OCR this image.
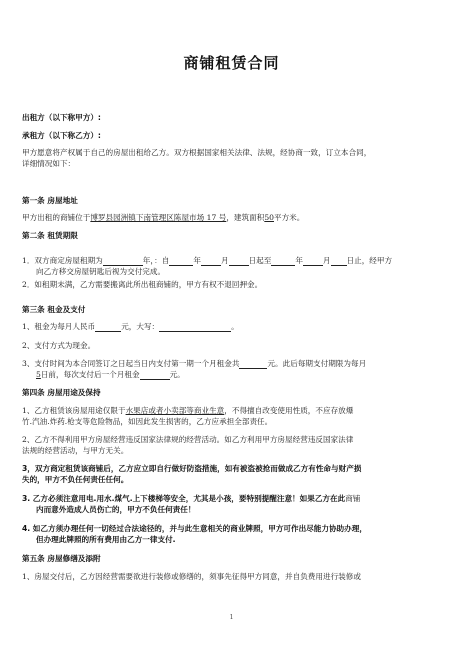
商铺租赁合同
出租方（以下称甲方）:
承租方（以下称乙方）:
甲方愿意将产权属于自己的房屋出租给乙方。双方根据国家相关法律、法规，经协商一致，订立本合同，
详细情况如下：
第一条 房屋地址
甲方出租的商铺位于博罗县园洲镇下南管理区陈屋市场 17 号，建筑面积50平方米。
第二条 租赁期限
1．双方商定房屋租期为	年，：自	年	月	日起至	年	月 日止，经甲方
向乙方移交房屋钥匙后视为交付完成。
2．如租期未满，乙方需要搬离此所出租商铺的，甲方有权不退回押金。
第三条 租金及支付
1、租金为每月人民币	元，大写：	。
2、支付方式为现金。
3、支付时间为本合同签订之日起当日内支付第一期一个月租金共	元。此后每期支付期限为每月
5日前，每次支付后一个月租金	元。
第四条 房屋用途及保持
1、乙方租赁该房屋用途仅限于水果店或者小卖部等商业生意，不得擅自改变使用性质，不应存放爆
竹.汽油.炸药.枪支等危险物品，如因此发生损害的，乙方应承担全部责任。
2、乙方不得利用甲方房屋经营违反国家法律规的经营活动。如乙方利用甲方房屋经营违反国家法律
法规的经营活动，与甲方无关。
3，双方商定租赁该商铺后，乙方应立即自行做好防盗措施，如有被盗被抢而做成乙方有性命与财产损
失的，甲方不负任何责任任何。
3. 乙方必须注意用电.用水.煤气.上下楼梯等安全，尤其是小孩，要特别提醒注意！如果乙方在此商铺
内而意外造成人员伤亡的，甲方不负任何责任！
4. 如乙方须办理任何一切经过合法途径的，并与此生意相关的商业牌照，甲方可作出尽能力协助办理，
但办理此牌照的所有费用由乙方一律支付.
第五条 房屋修缮及添附
1、房屋交付后，乙方因经营需要欲进行装修或修缮的，须事先征得甲方同意，并自负费用进行装修或
1
